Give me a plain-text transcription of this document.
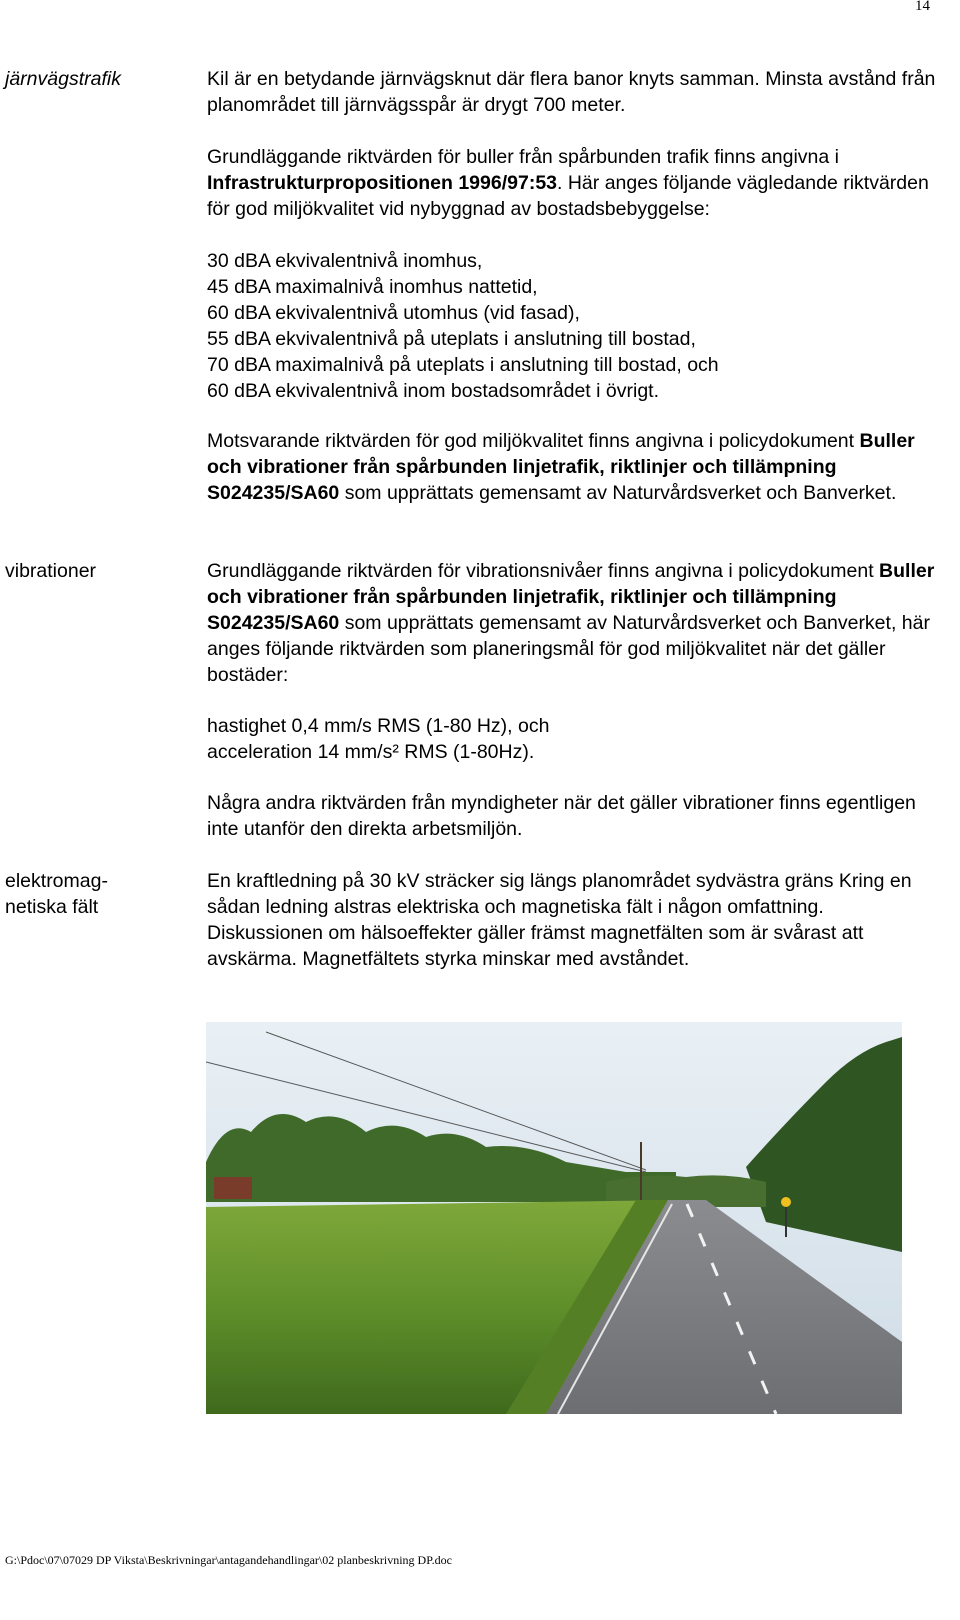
14
järnvägstrafik	Kil är en betydande järnvägsknut där flera banor knyts samman. Minsta avstånd från planområdet till järnvägsspår är drygt 700 meter.
Grundläggande riktvärden för buller från spårbunden trafik finns angivna i Infrastrukturpropositionen 1996/97:53. Här anges följande vägledande riktvärden för god miljökvalitet vid nybyggnad av bostadsbebyggelse:
30 dBA ekvivalentnivå inomhus,
45 dBA maximalnivå inomhus nattetid,
60 dBA ekvivalentnivå utomhus (vid fasad),
55 dBA ekvivalentnivå på uteplats i anslutning till bostad,
70 dBA maximalnivå på uteplats i anslutning till bostad, och
60 dBA ekvivalentnivå inom bostadsområdet i övrigt.
Motsvarande riktvärden för god miljökvalitet finns angivna i policydokument Buller och vibrationer från spårbunden linjetrafik, riktlinjer och tillämpning S024235/SA60 som upprättats gemensamt av Naturvårdsverket och Banverket.
vibrationer	Grundläggande riktvärden för vibrationsnivåer finns angivna i policydokument Buller och vibrationer från spårbunden linjetrafik, riktlinjer och tillämpning S024235/SA60 som upprättats gemensamt av Naturvårdsverket och Banverket, här anges följande riktvärden som planeringsmål för god miljökvalitet när det gäller bostäder:
hastighet 0,4 mm/s RMS (1-80 Hz), och
acceleration 14 mm/s² RMS (1-80Hz).
Några andra riktvärden från myndigheter när det gäller vibrationer finns egentligen inte utanför den direkta arbetsmiljön.
elektromag-
netiska fält
En kraftledning på 30 kV sträcker sig längs planområdet sydvästra gräns Kring en sådan ledning alstras elektriska och magnetiska fält i någon omfattning. Diskussionen om hälsoeffekter gäller främst magnetfälten som är svårast att avskärma. Magnetfältets styrka minskar med avståndet.
G:\Pdoc\07\07029 DP Viksta\Beskrivningar\antagandehandlingar\02 planbeskrivning DP.doc
